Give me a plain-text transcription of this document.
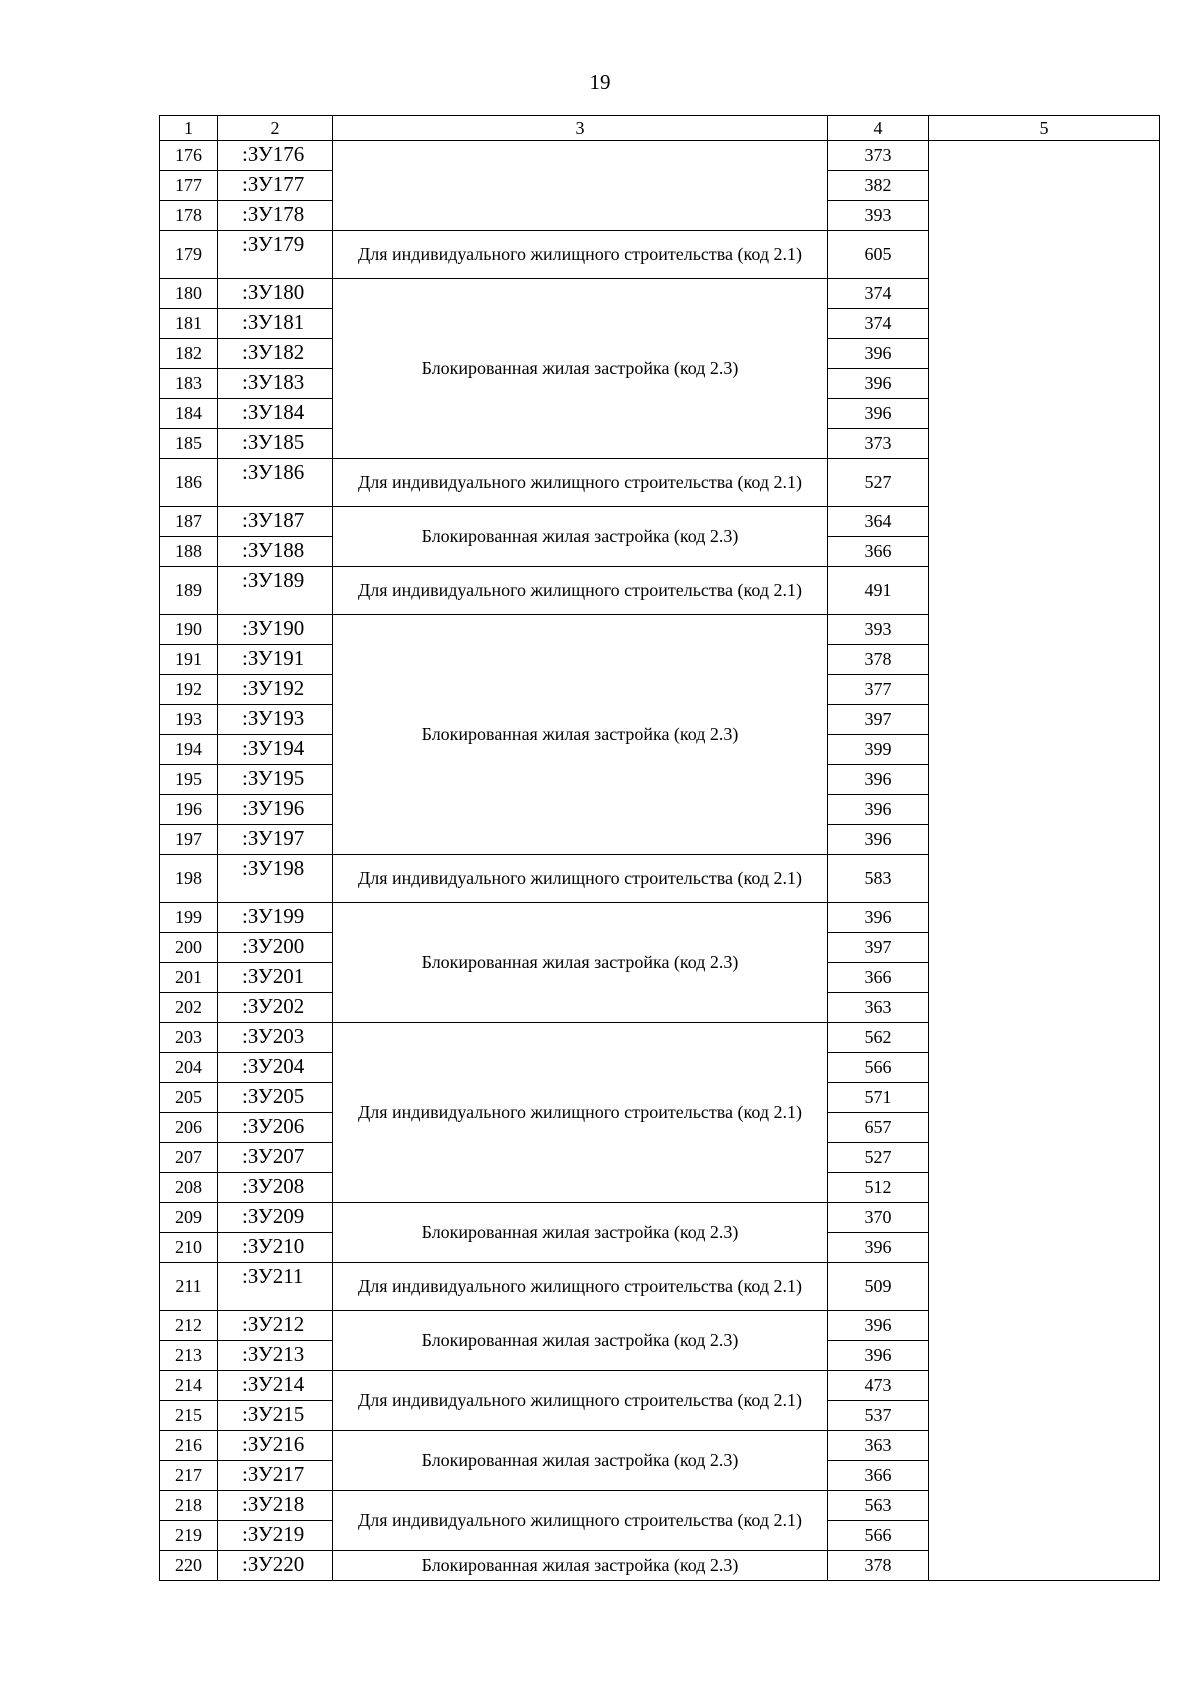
19
1	2	3	4	5
176	:ЗУ176		373	
177	:ЗУ177		382	
178	:ЗУ178		393	
179	:ЗУ179	Для индивидуального жилищного строительства (код 2.1)	605	
180	:ЗУ180	Блокированная жилая застройка (код 2.3)	374	
181	:ЗУ181		374	
182	:ЗУ182		396	
183	:ЗУ183		396	
184	:ЗУ184		396	
185	:ЗУ185		373	
186	:ЗУ186	Для индивидуального жилищного строительства (код 2.1)	527	
187	:ЗУ187	Блокированная жилая застройка (код 2.3)	364	
188	:ЗУ188		366	
189	:ЗУ189	Для индивидуального жилищного строительства (код 2.1)	491	
190	:ЗУ190	Блокированная жилая застройка (код 2.3)	393	
191	:ЗУ191		378	
192	:ЗУ192		377	
193	:ЗУ193		397	
194	:ЗУ194		399	
195	:ЗУ195		396	
196	:ЗУ196		396	
197	:ЗУ197		396	
198	:ЗУ198	Для индивидуального жилищного строительства (код 2.1)	583	
199	:ЗУ199	Блокированная жилая застройка (код 2.3)	396	
200	:ЗУ200		397	
201	:ЗУ201		366	
202	:ЗУ202		363	
203	:ЗУ203	Для индивидуального жилищного строительства (код 2.1)	562	
204	:ЗУ204		566	
205	:ЗУ205		571	
206	:ЗУ206		657	
207	:ЗУ207		527	
208	:ЗУ208		512	
209	:ЗУ209	Блокированная жилая застройка (код 2.3)	370	
210	:ЗУ210		396	
211	:ЗУ211	Для индивидуального жилищного строительства (код 2.1)	509	
212	:ЗУ212	Блокированная жилая застройка (код 2.3)	396	
213	:ЗУ213		396	
214	:ЗУ214	Для индивидуального жилищного строительства (код 2.1)	473	
215	:ЗУ215		537	
216	:ЗУ216	Блокированная жилая застройка (код 2.3)	363	
217	:ЗУ217		366	
218	:ЗУ218	Для индивидуального жилищного строительства (код 2.1)	563	
219	:ЗУ219		566	
220	:ЗУ220	Блокированная жилая застройка (код 2.3)	378	
